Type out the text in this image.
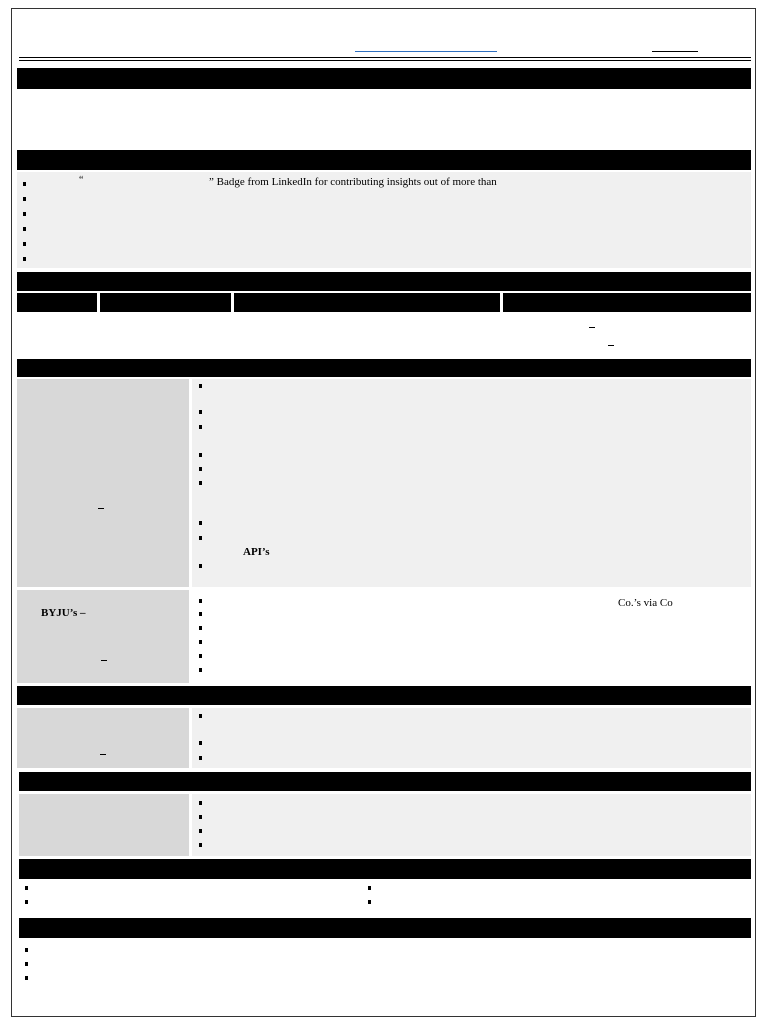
“	” Badge from LinkedIn for contributing insights out of more than
API’s
BYJU’s –
Co.’s via Co
